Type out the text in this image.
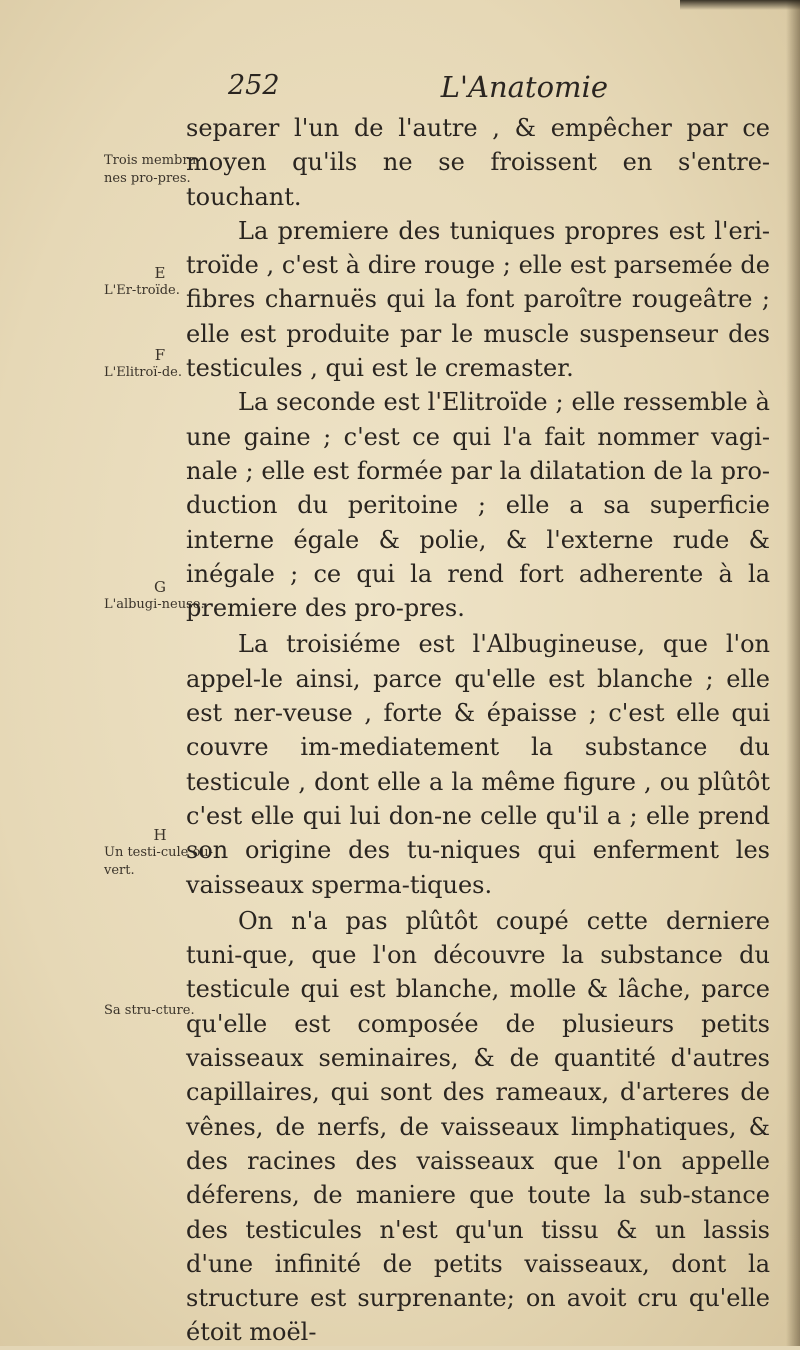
252	L'Anatomie
Trois membra-nes pro-pres.
E
L'Er-troïde.
F
L'Elitroï-de.
G
L'albugi-neuse.
H
Un testi-cule ou-vert.
Sa stru-cture.

separer l'un de l'autre , & empêcher par ce moyen qu'ils ne se froissent en s'entre-touchant.

La premiere des tuniques propres est l'eri-troïde , c'est à dire rouge ; elle est parsemée de fibres charnuës qui la font paroître rougeâtre ; elle est produite par le muscle suspenseur des testicules , qui est le cremaster.

La seconde est l'Elitroïde ; elle ressemble à une gaine ; c'est ce qui l'a fait nommer vagi-nale ; elle est formée par la dilatation de la pro-duction du peritoine ; elle a sa superficie interne égale & polie, & l'externe rude & inégale ; ce qui la rend fort adherente à la premiere des pro-pres.

La troisiéme est l'Albugineuse, que l'on appel-le ainsi, parce qu'elle est blanche ; elle est ner-veuse , forte & épaisse ; c'est elle qui couvre im-mediatement la substance du testicule , dont elle a la même figure , ou plûtôt c'est elle qui lui don-ne celle qu'il a ; elle prend son origine des tu-niques qui enferment les vaisseaux sperma-tiques.

On n'a pas plûtôt coupé cette derniere tuni-que, que l'on découvre la substance du testicule qui est blanche, molle & lâche, parce qu'elle est composée de plusieurs petits vaisseaux seminaires, & de quantité d'autres capillaires, qui sont des rameaux, d'arteres de vênes, de nerfs, de vaisseaux limphatiques, & des racines des vaisseaux que l'on appelle déferens, de maniere que toute la sub-stance des testicules n'est qu'un tissu & un lassis d'une infinité de petits vaisseaux, dont la structure est surprenante; on avoit cru qu'elle étoit moël-
